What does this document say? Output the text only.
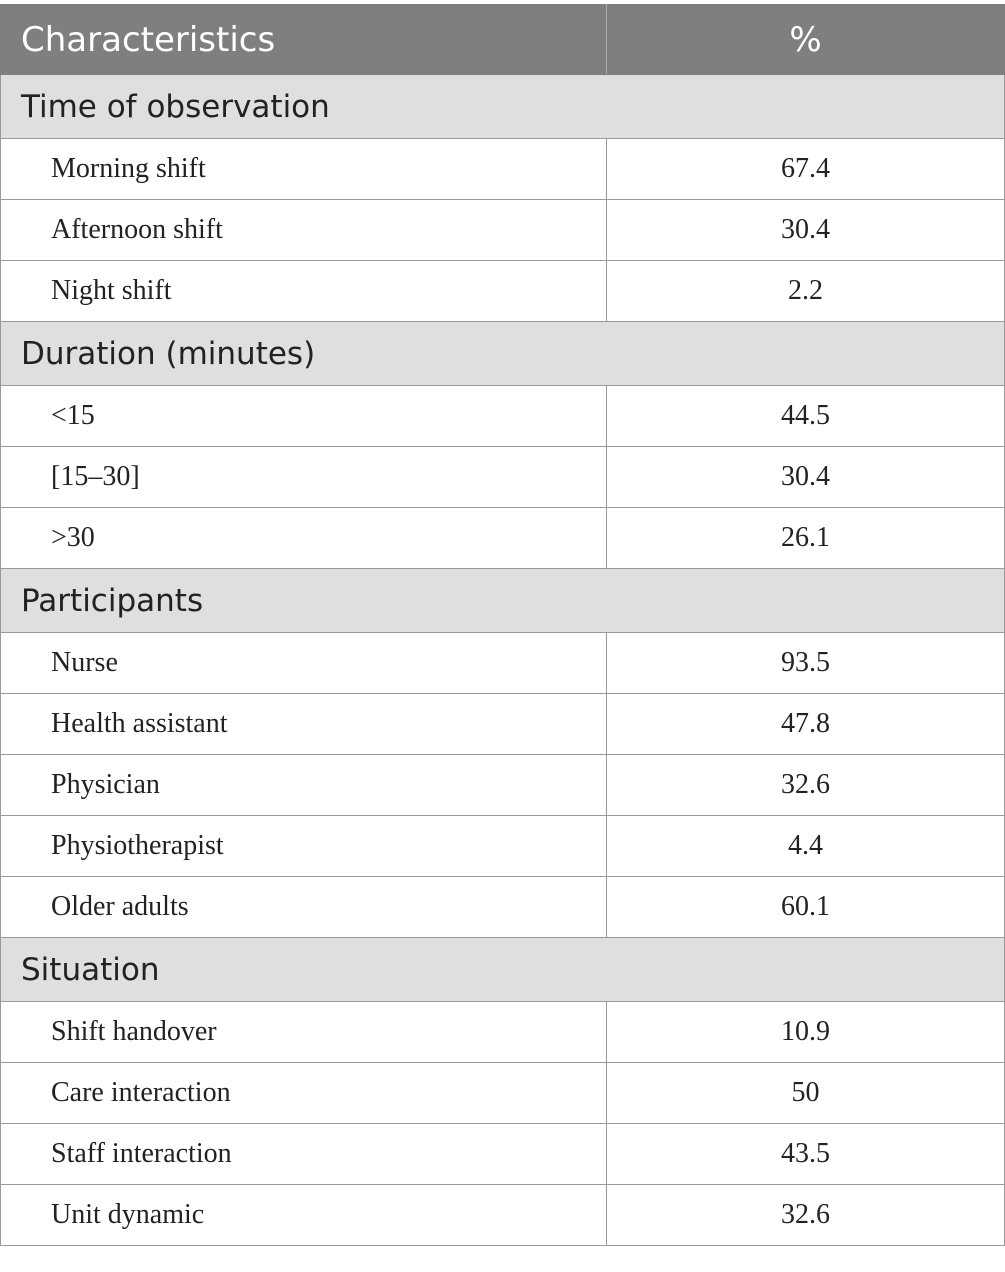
Characteristics	%
Time of observation	
Morning shift	67.4
Afternoon shift	30.4
Night shift	2.2
Duration (minutes)	
<15	44.5
[15–30]	30.4
>30	26.1
Participants	
Nurse	93.5
Health assistant	47.8
Physician	32.6
Physiotherapist	4.4
Older adults	60.1
Situation	
Shift handover	10.9
Care interaction	50
Staff interaction	43.5
Unit dynamic	32.6
